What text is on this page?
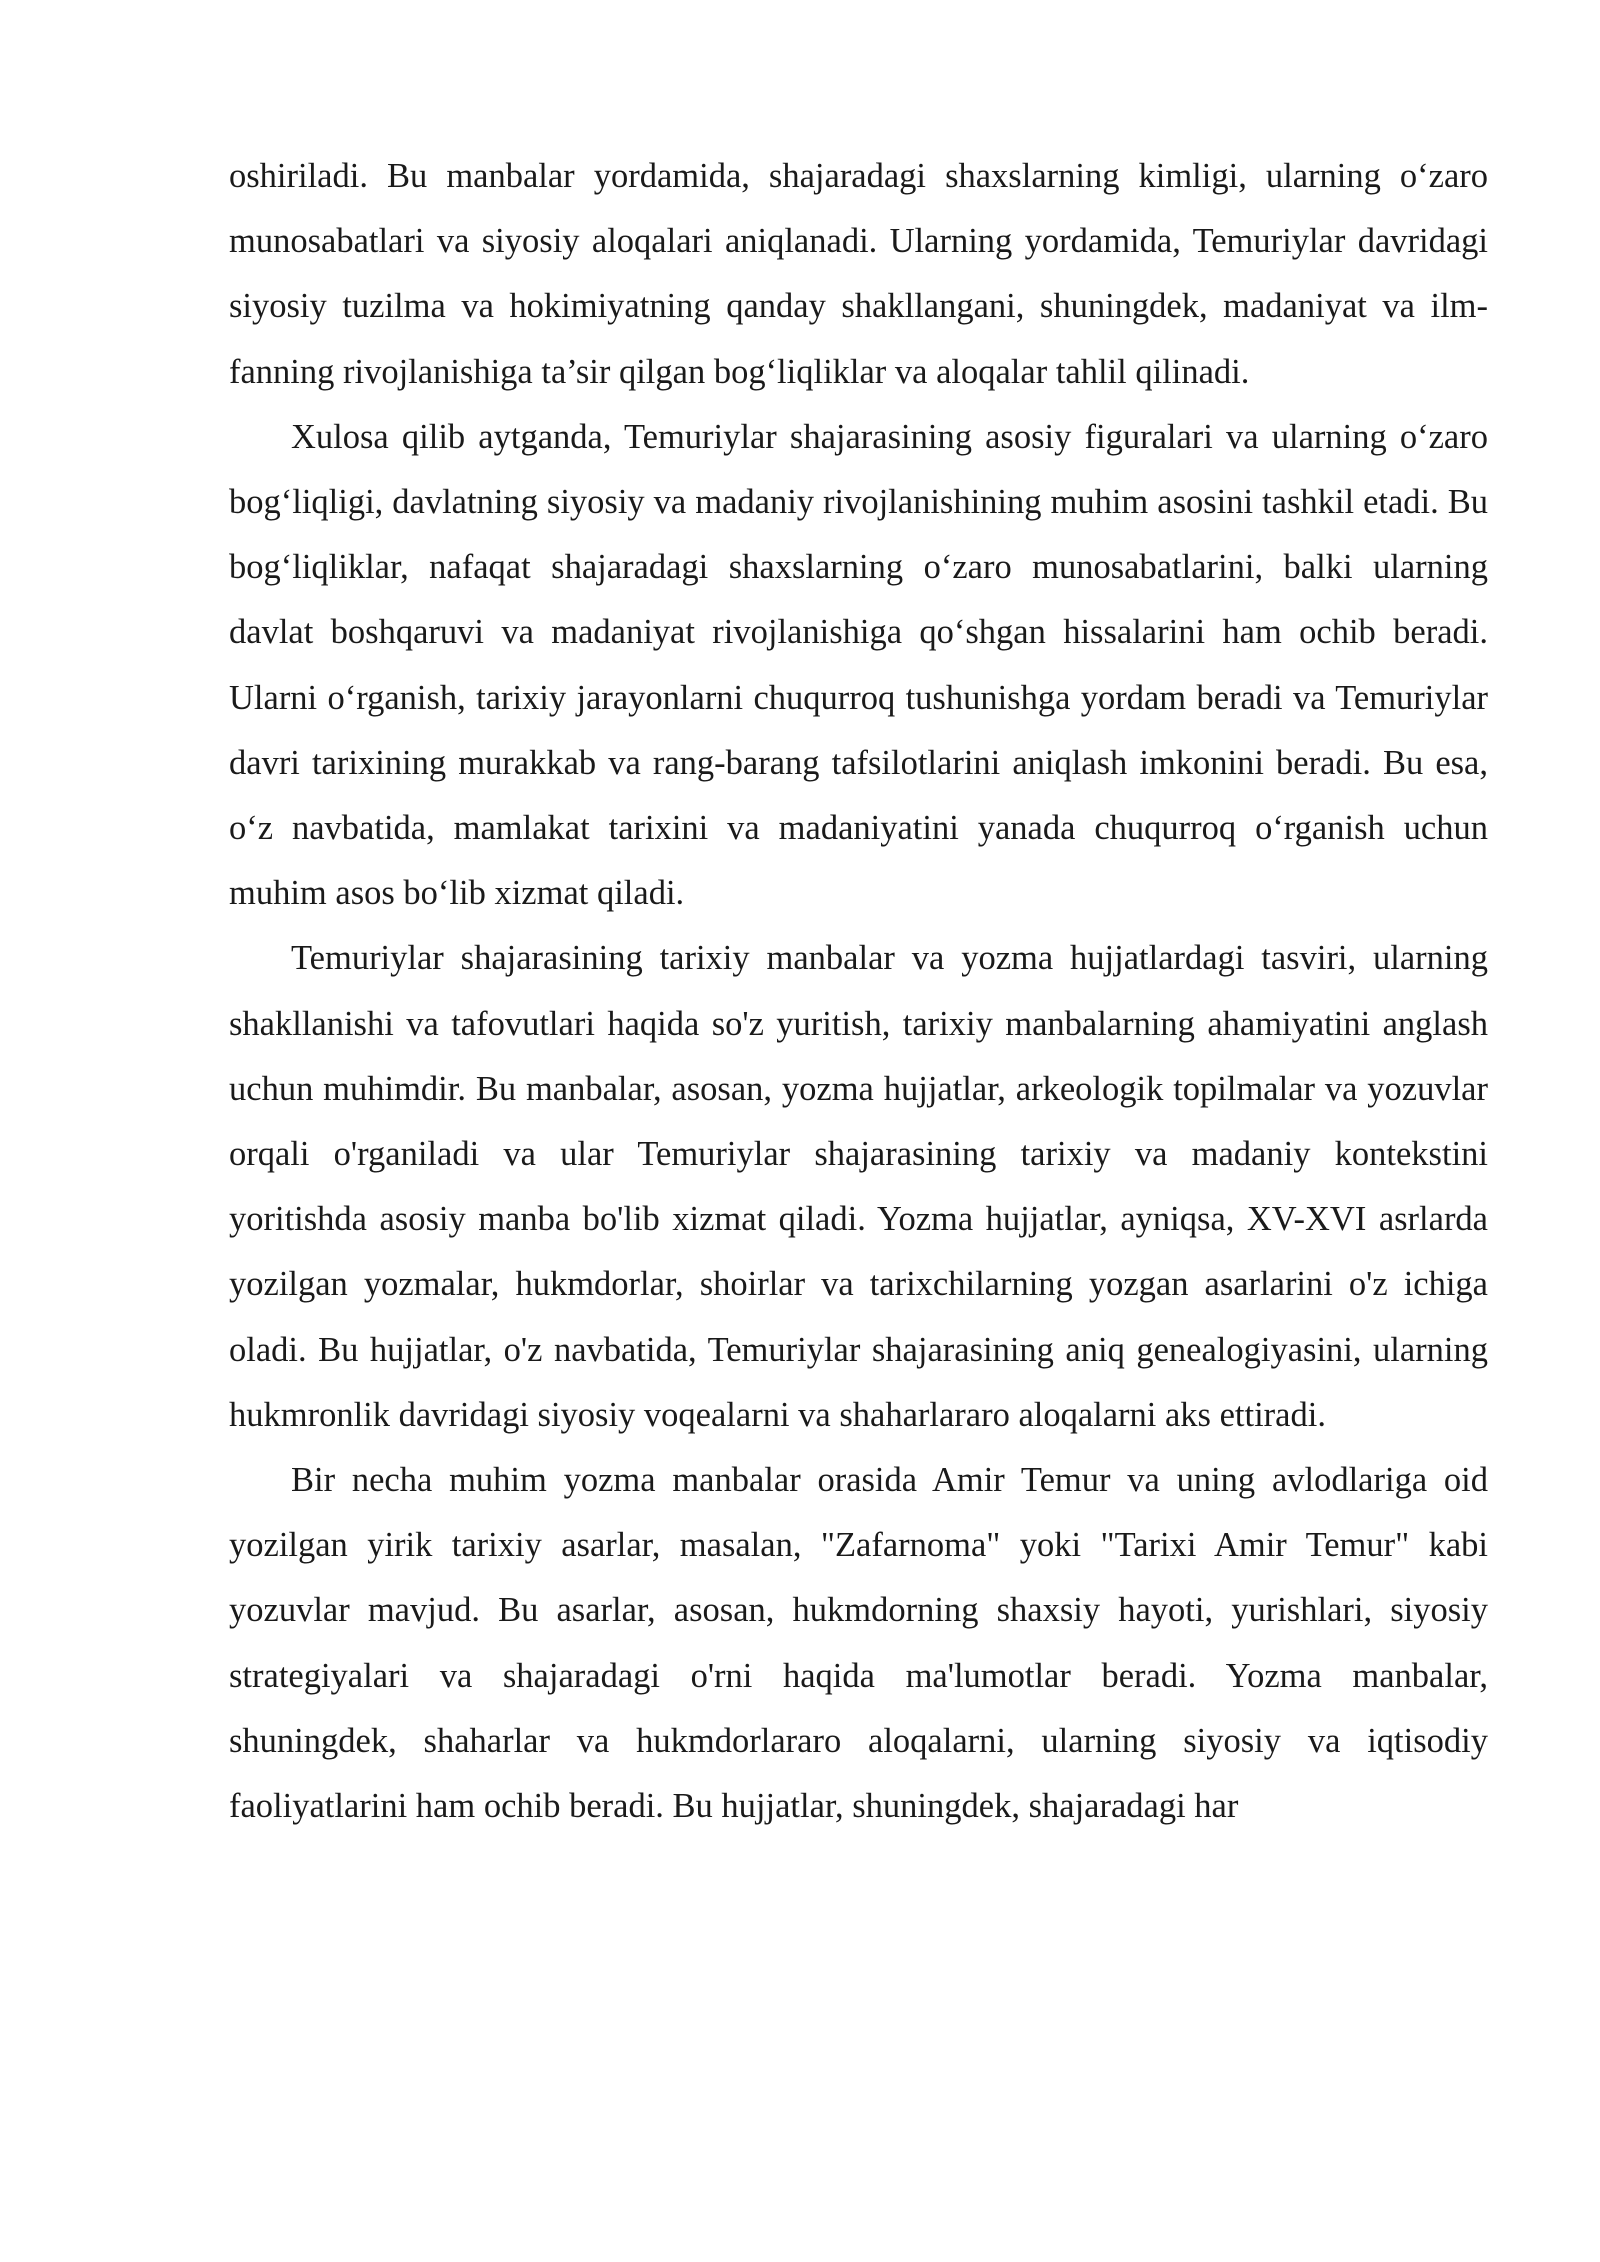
oshiriladi. Bu manbalar yordamida, shajaradagi shaxslarning kimligi, ularning o‘zaro munosabatlari va siyosiy aloqalari aniqlanadi. Ularning yordamida, Temuriylar davridagi siyosiy tuzilma va hokimiyatning qanday shakllangani, shuningdek, madaniyat va ilm-fanning rivojlanishiga ta’sir qilgan bog‘liqliklar va aloqalar tahlil qilinadi.

Xulosa qilib aytganda, Temuriylar shajarasining asosiy figuralari va ularning o‘zaro bog‘liqligi, davlatning siyosiy va madaniy rivojlanishining muhim asosini tashkil etadi. Bu bog‘liqliklar, nafaqat shajaradagi shaxslarning o‘zaro munosabatlarini, balki ularning davlat boshqaruvi va madaniyat rivojlanishiga qo‘shgan hissalarini ham ochib beradi. Ularni o‘rganish, tarixiy jarayonlarni chuqurroq tushunishga yordam beradi va Temuriylar davri tarixining murakkab va rang-barang tafsilotlarini aniqlash imkonini beradi. Bu esa, o‘z navbatida, mamlakat tarixini va madaniyatini yanada chuqurroq o‘rganish uchun muhim asos bo‘lib xizmat qiladi.

Temuriylar shajarasining tarixiy manbalar va yozma hujjatlardagi tasviri, ularning shakllanishi va tafovutlari haqida so'z yuritish, tarixiy manbalarning ahamiyatini anglash uchun muhimdir. Bu manbalar, asosan, yozma hujjatlar, arkeologik topilmalar va yozuvlar orqali o'rganiladi va ular Temuriylar shajarasining tarixiy va madaniy kontekstini yoritishda asosiy manba bo'lib xizmat qiladi. Yozma hujjatlar, ayniqsa, XV-XVI asrlarda yozilgan yozmalar, hukmdorlar, shoirlar va tarixchilarning yozgan asarlarini o'z ichiga oladi. Bu hujjatlar, o'z navbatida, Temuriylar shajarasining aniq genealogiyasini, ularning hukmronlik davridagi siyosiy voqealarni va shaharlararo aloqalarni aks ettiradi.

Bir necha muhim yozma manbalar orasida Amir Temur va uning avlodlariga oid yozilgan yirik tarixiy asarlar, masalan, "Zafarnoma" yoki "Tarixi Amir Temur" kabi yozuvlar mavjud. Bu asarlar, asosan, hukmdorning shaxsiy hayoti, yurishlari, siyosiy strategiyalari va shajaradagi o'rni haqida ma'lumotlar beradi. Yozma manbalar, shuningdek, shaharlar va hukmdorlararo aloqalarni, ularning siyosiy va iqtisodiy faoliyatlarini ham ochib beradi. Bu hujjatlar, shuningdek, shajaradagi har
